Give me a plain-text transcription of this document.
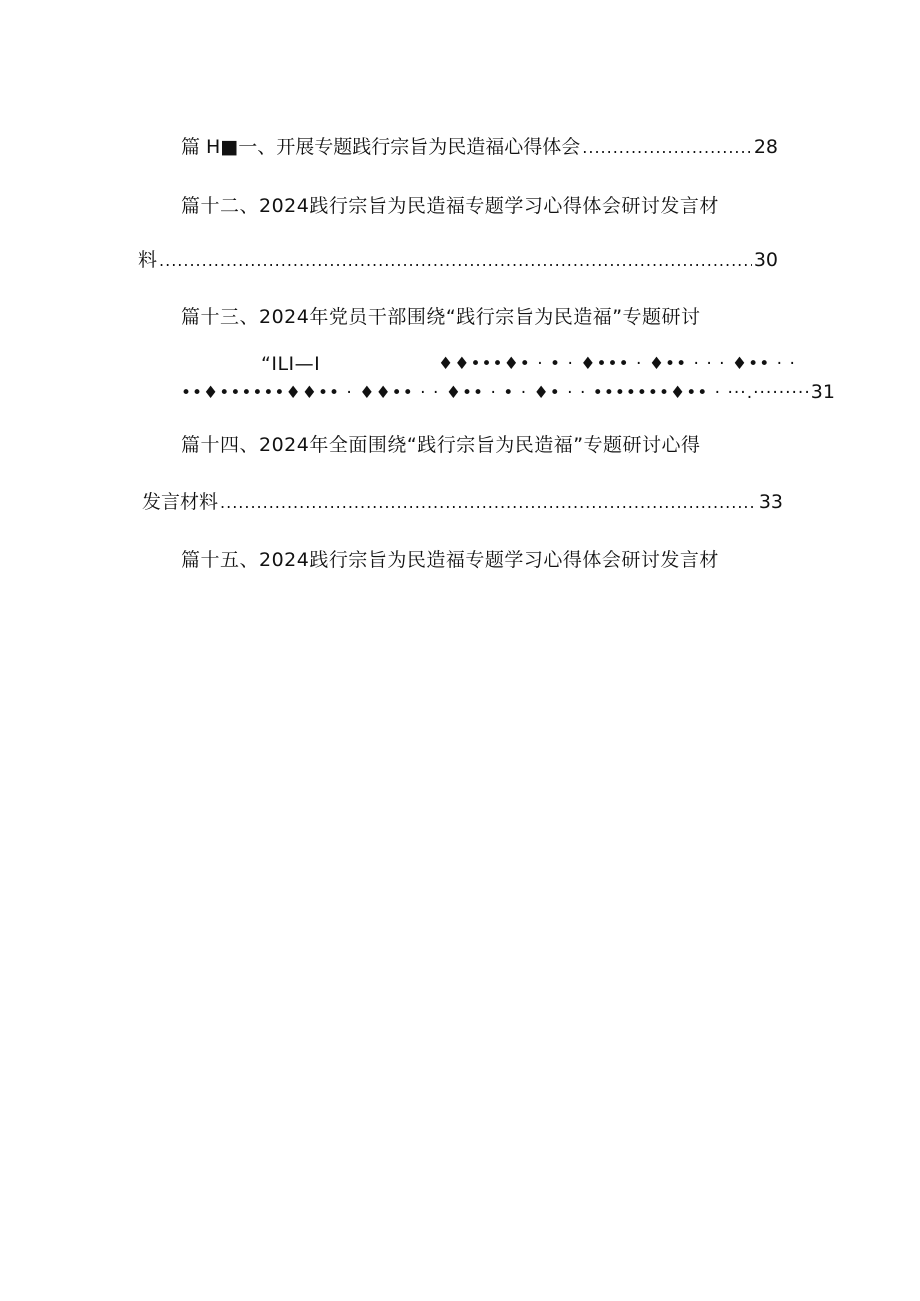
篇 H■一、开展专题践行宗旨为民造福心得体会 .....	28
篇十二、2024践行宗旨为民造福专题学习心得体会研讨发言材
料 .....	30
篇十三、2024年党员干部围绕“践行宗旨为民造福”专题研讨
“ILI—I	♦♦•••♦• · • · ♦••• · ♦•• · · · ♦•• · ·
••♦••••••♦♦•• · ♦♦•• · · ♦•• · • · ♦• · · •••••••♦•• · ···.········· 31
篇十四、2024年全面围绕“践行宗旨为民造福”专题研讨心得
发言材料 .....	33
篇十五、2024践行宗旨为民造福专题学习心得体会研讨发言材
